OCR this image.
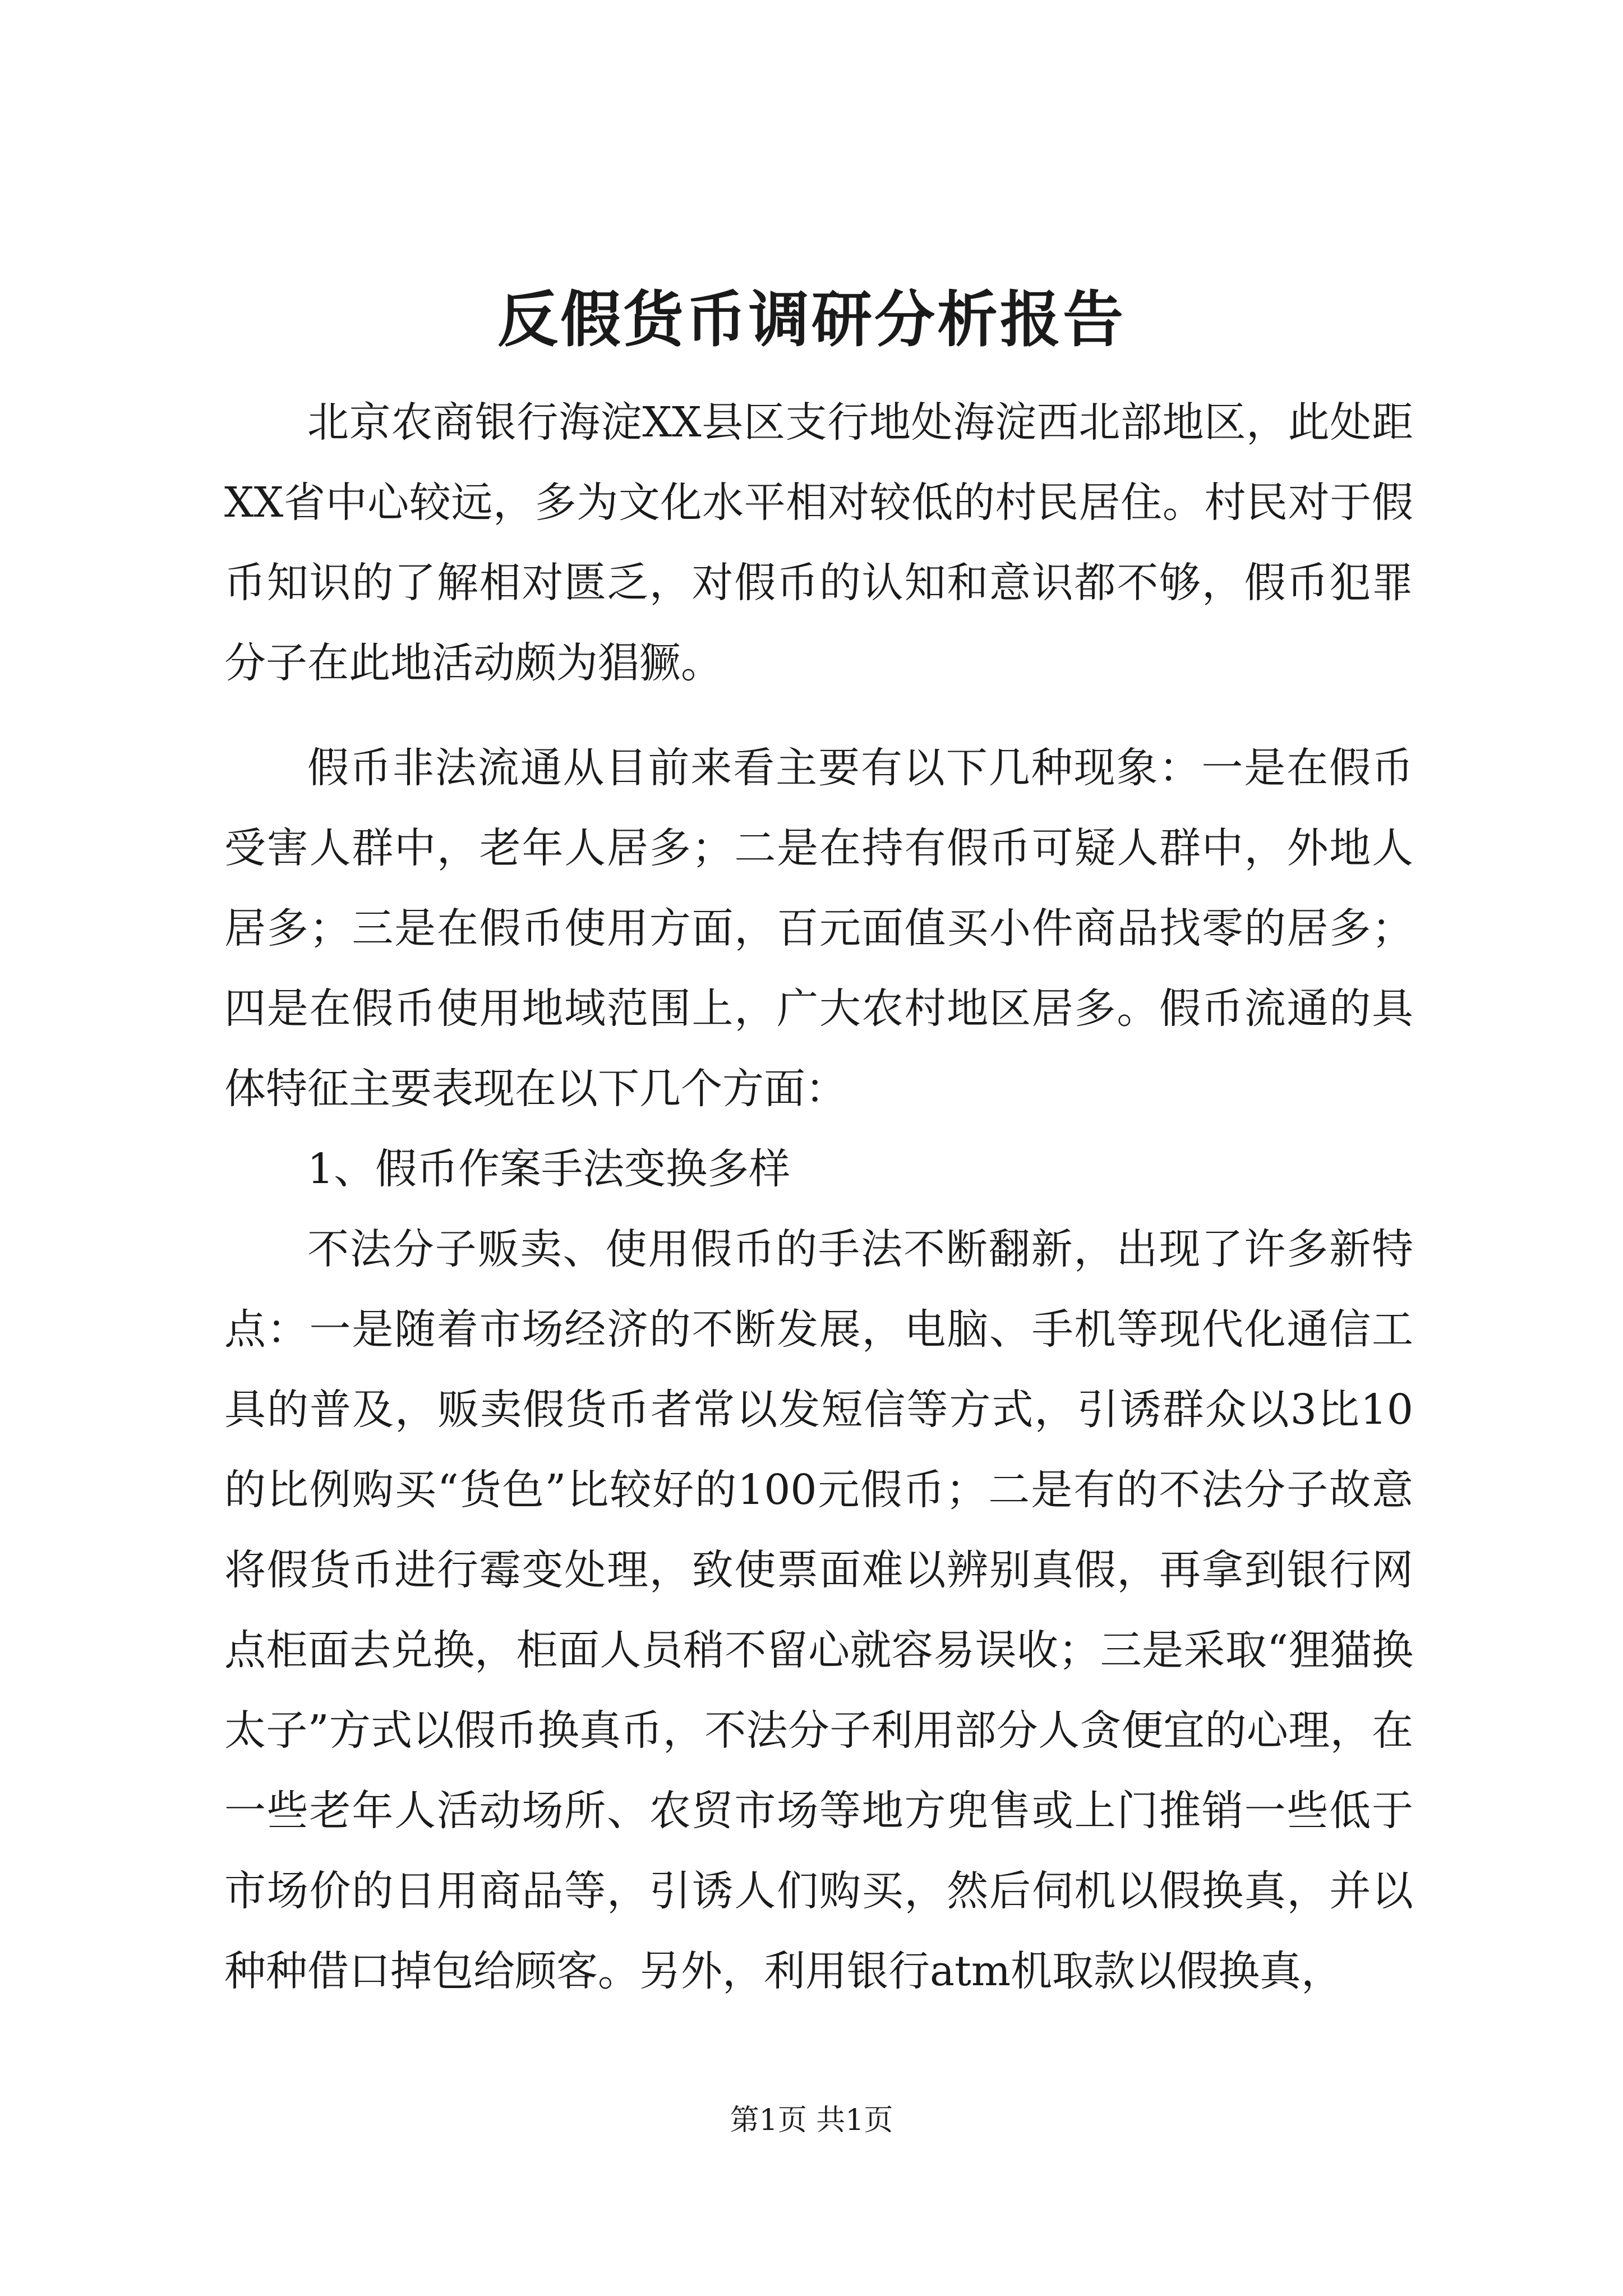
反假货币调研分析报告

北京农商银行海淀XX县区支行地处海淀西北部地区，此处距XX省中心较远，多为文化水平相对较低的村民居住。村民对于假币知识的了解相对匮乏，对假币的认知和意识都不够，假币犯罪分子在此地活动颇为猖獗。

假币非法流通从目前来看主要有以下几种现象：一是在假币受害人群中，老年人居多；二是在持有假币可疑人群中，外地人居多；三是在假币使用方面，百元面值买小件商品找零的居多；四是在假币使用地域范围上，广大农村地区居多。假币流通的具体特征主要表现在以下几个方面：

1、假币作案手法变换多样

不法分子贩卖、使用假币的手法不断翻新，出现了许多新特点：一是随着市场经济的不断发展，电脑、手机等现代化通信工具的普及，贩卖假货币者常以发短信等方式，引诱群众以3比10的比例购买“货色”比较好的100元假币；二是有的不法分子故意将假货币进行霉变处理，致使票面难以辨别真假，再拿到银行网点柜面去兑换，柜面人员稍不留心就容易误收；三是采取“狸猫换太子”方式以假币换真币，不法分子利用部分人贪便宜的心理，在一些老年人活动场所、农贸市场等地方兜售或上门推销一些低于市场价的日用商品等，引诱人们购买，然后伺机以假换真，并以种种借口掉包给顾客。另外，利用银行atm机取款以假换真，

第1页 共1页
